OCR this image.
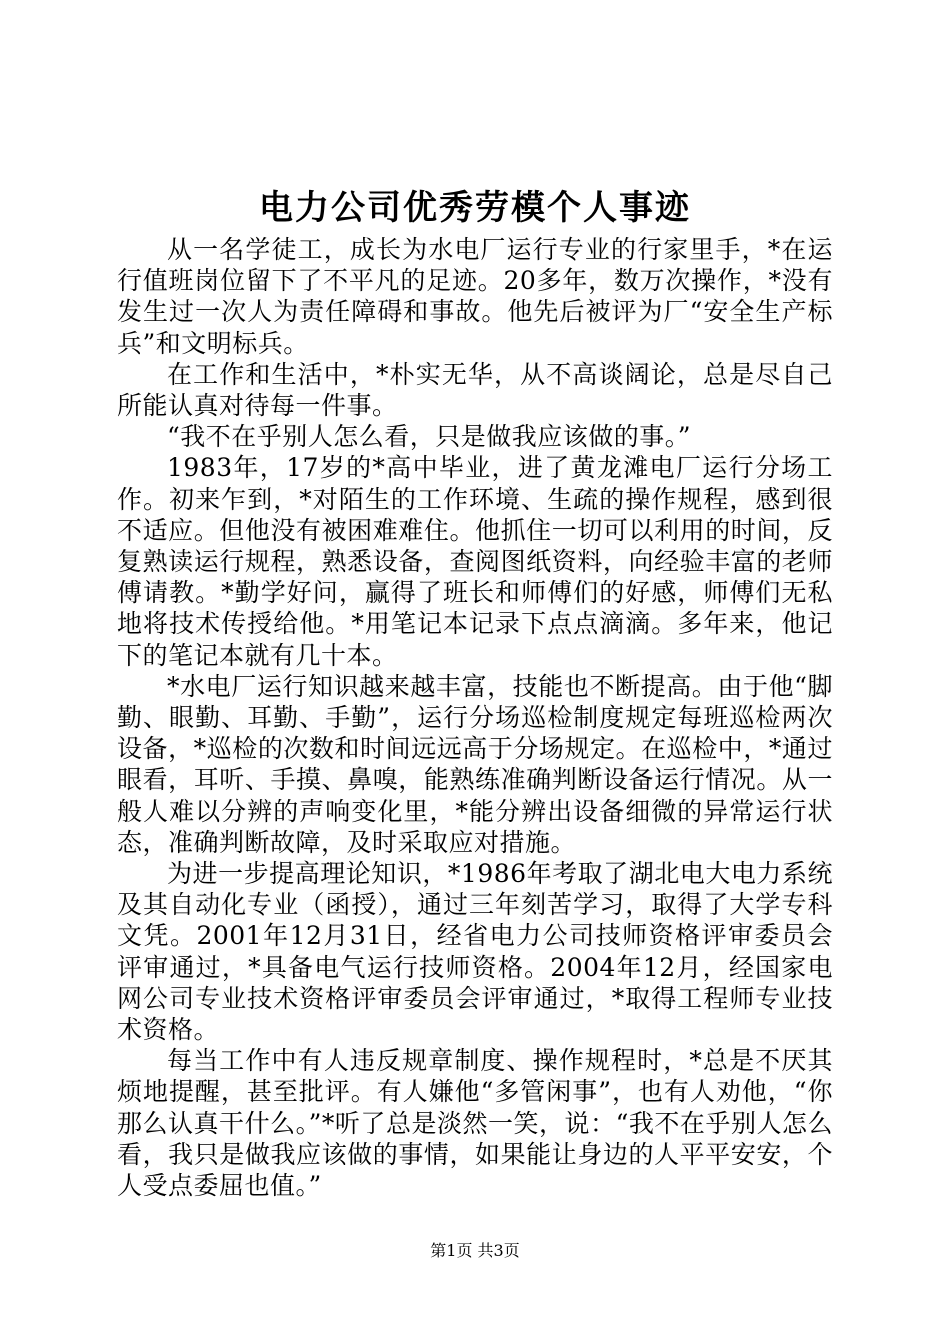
电力公司优秀劳模个人事迹

从一名学徒工，成长为水电厂运行专业的行家里手，*在运行值班岗位留下了不平凡的足迹。20多年，数万次操作，*没有发生过一次人为责任障碍和事故。他先后被评为厂“安全生产标兵”和文明标兵。

在工作和生活中，*朴实无华，从不高谈阔论，总是尽自己所能认真对待每一件事。

“我不在乎别人怎么看，只是做我应该做的事。”

1983年，17岁的*高中毕业，进了黄龙滩电厂运行分场工作。初来乍到，*对陌生的工作环境、生疏的操作规程，感到很不适应。但他没有被困难难住。他抓住一切可以利用的时间，反复熟读运行规程，熟悉设备，查阅图纸资料，向经验丰富的老师傅请教。*勤学好问，赢得了班长和师傅们的好感，师傅们无私地将技术传授给他。*用笔记本记录下点点滴滴。多年来，他记下的笔记本就有几十本。

*水电厂运行知识越来越丰富，技能也不断提高。由于他“脚勤、眼勤、耳勤、手勤”，运行分场巡检制度规定每班巡检两次设备，*巡检的次数和时间远远高于分场规定。在巡检中，*通过眼看，耳听、手摸、鼻嗅，能熟练准确判断设备运行情况。从一般人难以分辨的声响变化里，*能分辨出设备细微的异常运行状态，准确判断故障，及时采取应对措施。

为进一步提高理论知识，*1986年考取了湖北电大电力系统及其自动化专业（函授），通过三年刻苦学习，取得了大学专科文凭。2001年12月31日，经省电力公司技师资格评审委员会评审通过，*具备电气运行技师资格。2004年12月，经国家电网公司专业技术资格评审委员会评审通过，*取得工程师专业技术资格。

每当工作中有人违反规章制度、操作规程时，*总是不厌其烦地提醒，甚至批评。有人嫌他“多管闲事”，也有人劝他，“你那么认真干什么。”*听了总是淡然一笑，说：“我不在乎别人怎么看，我只是做我应该做的事情，如果能让身边的人平平安安，个人受点委屈也值。”

第1页 共3页
